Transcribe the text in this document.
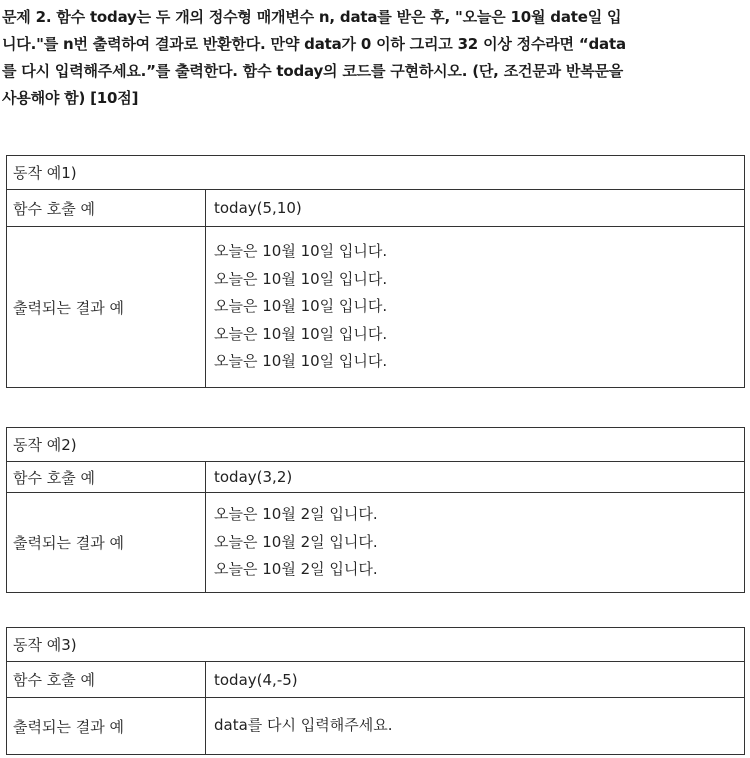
문제 2. 함수 today는 두 개의 정수형 매개변수 n, data를 받은 후, "오늘은 10월 date일 입
니다."를 n번 출력하여 결과로 반환한다. 만약 data가 0 이하 그리고 32 이상 정수라면 “data
를 다시 입력해주세요.”를 출력한다. 함수 today의 코드를 구현하시오. (단, 조건문과 반복문을
사용해야 함) [10점]
동작 예1)
함수 호출 예	today(5,10)
출력되는 결과 예
오늘은 10월 10일 입니다.
오늘은 10월 10일 입니다.
오늘은 10월 10일 입니다.
오늘은 10월 10일 입니다.
오늘은 10월 10일 입니다.
동작 예2)
함수 호출 예	today(3,2)
출력되는 결과 예
오늘은 10월 2일 입니다.
오늘은 10월 2일 입니다.
오늘은 10월 2일 입니다.
동작 예3)
함수 호출 예	today(4,-5)
출력되는 결과 예	data를 다시 입력해주세요.
